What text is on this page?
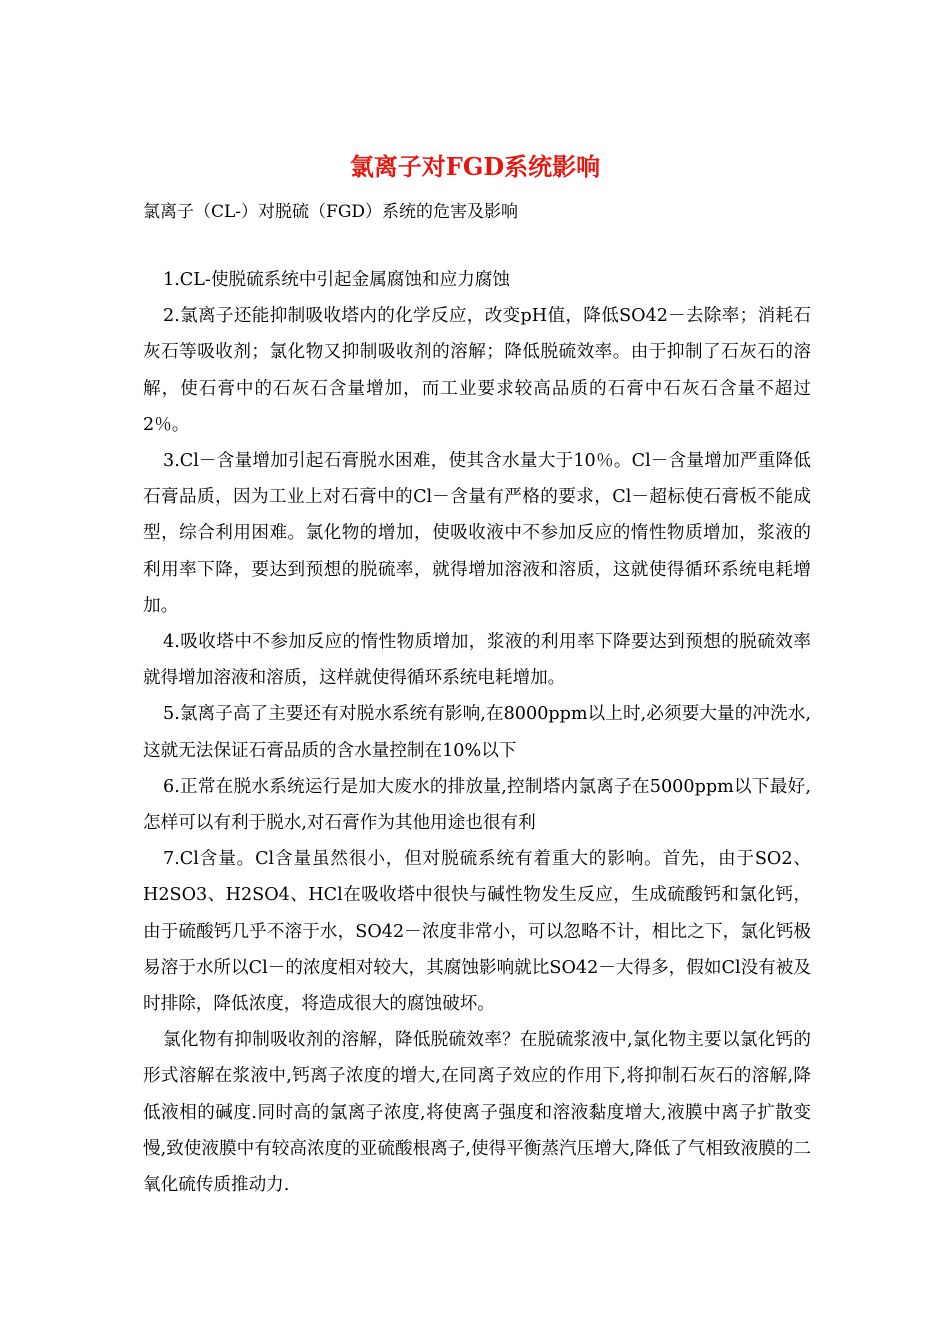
氯离子对FGD系统影响
氯离子（CL-）对脱硫（FGD）系统的危害及影响

1.CL-使脱硫系统中引起金属腐蚀和应力腐蚀

2.氯离子还能抑制吸收塔内的化学反应，改变pH值，降低SO42－去除率；消耗石灰石等吸收剂；氯化物又抑制吸收剂的溶解；降低脱硫效率。由于抑制了石灰石的溶解，使石膏中的石灰石含量增加，而工业要求较高品质的石膏中石灰石含量不超过2％。

3.Cl－含量增加引起石膏脱水困难，使其含水量大于10％。Cl－含量增加严重降低石膏品质，因为工业上对石膏中的Cl－含量有严格的要求，Cl－超标使石膏板不能成型，综合利用困难。氯化物的增加，使吸收液中不参加反应的惰性物质增加，浆液的利用率下降，要达到预想的脱硫率，就得增加溶液和溶质，这就使得循环系统电耗增加。

4.吸收塔中不参加反应的惰性物质增加，浆液的利用率下降要达到预想的脱硫效率就得增加溶液和溶质，这样就使得循环系统电耗增加。

5.氯离子高了主要还有对脱水系统有影响,在8000ppm以上时,必须要大量的冲洗水,这就无法保证石膏品质的含水量控制在10%以下

6.正常在脱水系统运行是加大废水的排放量,控制塔内氯离子在5000ppm以下最好,怎样可以有利于脱水,对石膏作为其他用途也很有利

7.Cl含量。Cl含量虽然很小，但对脱硫系统有着重大的影响。首先，由于SO2、H2SO3、H2SO4、HCl在吸收塔中很快与碱性物发生反应，生成硫酸钙和氯化钙，由于硫酸钙几乎不溶于水，SO42－浓度非常小，可以忽略不计，相比之下，氯化钙极易溶于水所以Cl－的浓度相对较大，其腐蚀影响就比SO42－大得多，假如Cl没有被及时排除，降低浓度，将造成很大的腐蚀破坏。

氯化物有抑制吸收剂的溶解，降低脱硫效率？在脱硫浆液中,氯化物主要以氯化钙的形式溶解在浆液中,钙离子浓度的增大,在同离子效应的作用下,将抑制石灰石的溶解,降低液相的碱度.同时高的氯离子浓度,将使离子强度和溶液黏度增大,液膜中离子扩散变慢,致使液膜中有较高浓度的亚硫酸根离子,使得平衡蒸汽压增大,降低了气相致液膜的二氧化硫传质推动力.
